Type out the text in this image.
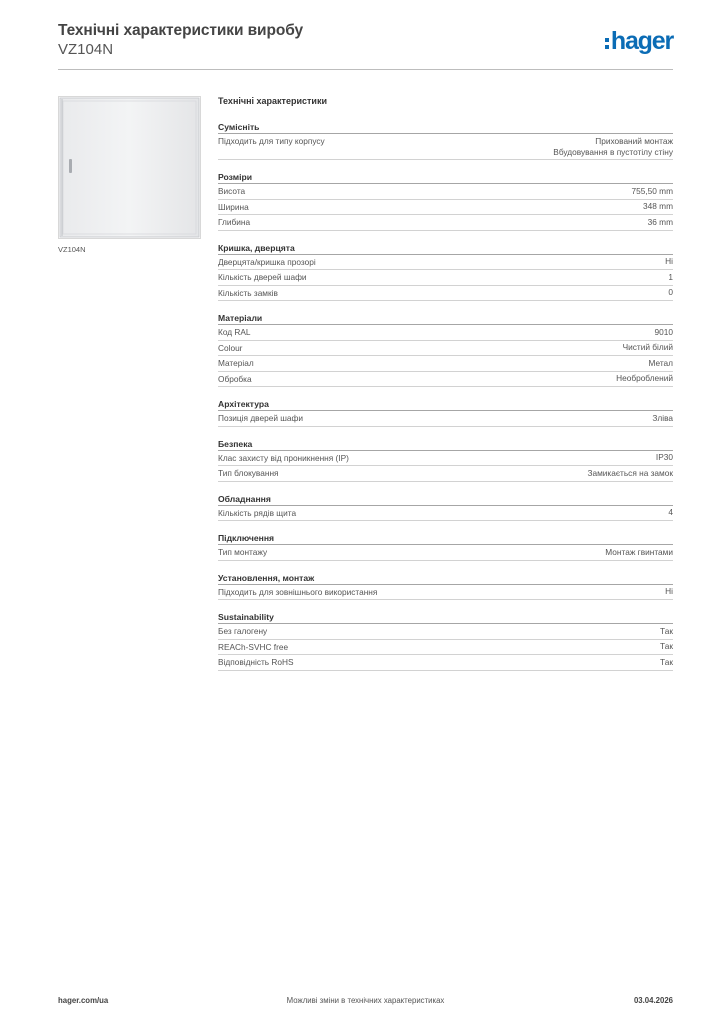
Технічні характеристики виробу
VZ104N	hager
VZ104N
Технічні характеристики
Сумісніть
Підходить для типу корпусу	Прихований монтаж
Вбудовування в пустотілу стіну
Розміри
Висота	755,50 mm
Ширина	348 mm
Глибина	36 mm
Кришка, дверцята
Дверцята/кришка прозорі	Ні
Кількість дверей шафи	1
Кількість замків	0
Матеріали
Код RAL	9010
Colour	Чистий білий
Матеріал	Метал
Обробка	Необроблений
Архітектура
Позиція дверей шафи	Зліва
Безпека
Клас захисту від проникнення (IP)	IP30
Тип блокування	Замикається на замок
Обладнання
Кількість рядів щита	4
Підключення
Тип монтажу	Монтаж гвинтами
Установлення, монтаж
Підходить для зовнішнього використання	Ні
Sustainability
Без галогену	Так
REACh-SVHC free	Так
Відповідність RoHS	Так
hager.com/ua	Можливі зміни в технічних характеристиках	03.04.2026
